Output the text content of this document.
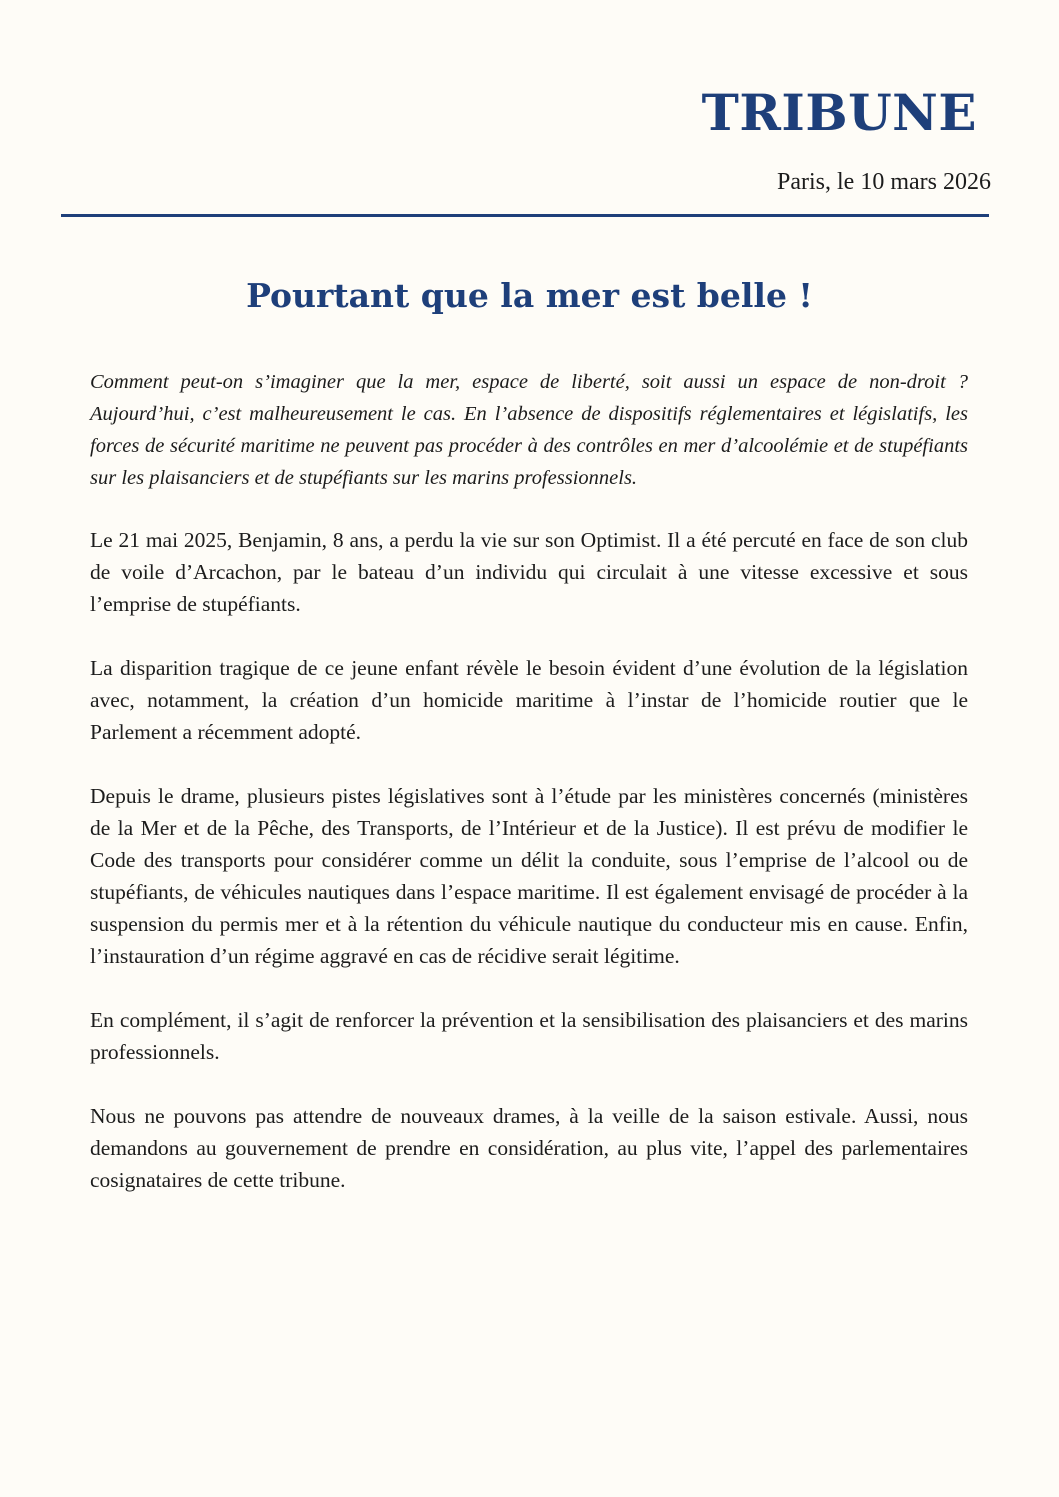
TRIBUNE
Paris, le 10 mars 2026
Pourtant que la mer est belle !

Comment peut-on s’imaginer que la mer, espace de liberté, soit aussi un espace de non-droit ? Aujourd’hui, c’est malheureusement le cas. En l’absence de dispositifs réglementaires et législatifs, les forces de sécurité maritime ne peuvent pas procéder à des contrôles en mer d’alcoolémie et de stupéfiants sur les plaisanciers et de stupéfiants sur les marins professionnels.

Le 21 mai 2025, Benjamin, 8 ans, a perdu la vie sur son Optimist. Il a été percuté en face de son club de voile d’Arcachon, par le bateau d’un individu qui circulait à une vitesse excessive et sous l’emprise de stupéfiants.

La disparition tragique de ce jeune enfant révèle le besoin évident d’une évolution de la législation avec, notamment, la création d’un homicide maritime à l’instar de l’homicide routier que le Parlement a récemment adopté.

Depuis le drame, plusieurs pistes législatives sont à l’étude par les ministères concernés (ministères de la Mer et de la Pêche, des Transports, de l’Intérieur et de la Justice). Il est prévu de modifier le Code des transports pour considérer comme un délit la conduite, sous l’emprise de l’alcool ou de stupéfiants, de véhicules nautiques dans l’espace maritime. Il est également envisagé de procéder à la suspension du permis mer et à la rétention du véhicule nautique du conducteur mis en cause. Enfin, l’instauration d’un régime aggravé en cas de récidive serait légitime.

En complément, il s’agit de renforcer la prévention et la sensibilisation des plaisanciers et des marins professionnels.

Nous ne pouvons pas attendre de nouveaux drames, à la veille de la saison estivale. Aussi, nous demandons au gouvernement de prendre en considération, au plus vite, l’appel des parlementaires cosignataires de cette tribune.
